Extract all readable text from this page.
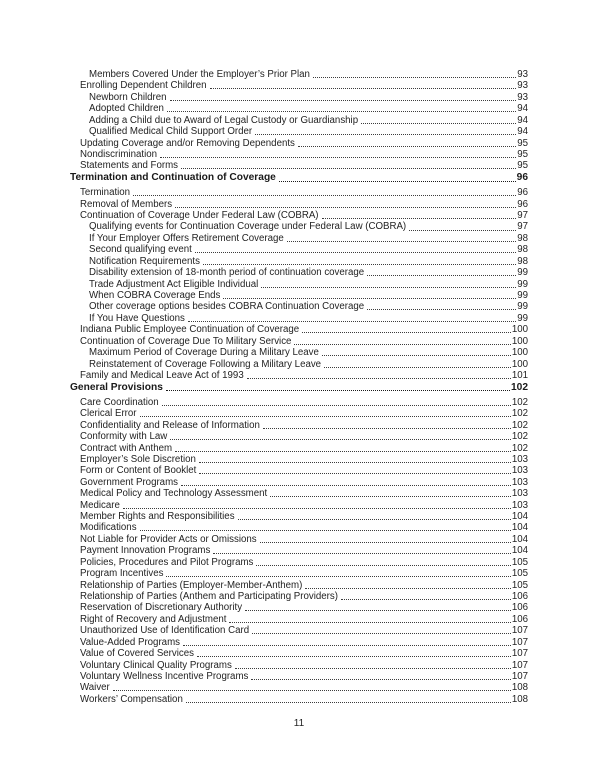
Members Covered Under the Employer’s Prior Plan	93
Enrolling Dependent Children	93
Newborn Children	93
Adopted Children	94
Adding a Child due to Award of Legal Custody or Guardianship	94
Qualified Medical Child Support Order	94
Updating Coverage and/or Removing Dependents	95
Nondiscrimination	95
Statements and Forms	95
Termination and Continuation of Coverage	96
Termination	96
Removal of Members	96
Continuation of Coverage Under Federal Law (COBRA)	97
Qualifying events for Continuation Coverage under Federal Law (COBRA)	97
If Your Employer Offers Retirement Coverage	98
Second qualifying event	98
Notification Requirements	98
Disability extension of 18-month period of continuation coverage	99
Trade Adjustment Act Eligible Individual	99
When COBRA Coverage Ends	99
Other coverage options besides COBRA Continuation Coverage	99
If You Have Questions	99
Indiana Public Employee Continuation of Coverage	100
Continuation of Coverage Due To Military Service	100
Maximum Period of Coverage During a Military Leave	100
Reinstatement of Coverage Following a Military Leave	100
Family and Medical Leave Act of 1993	101
General Provisions	102
Care Coordination	102
Clerical Error	102
Confidentiality and Release of Information	102
Conformity with Law	102
Contract with Anthem	102
Employer’s Sole Discretion	103
Form or Content of Booklet	103
Government Programs	103
Medical Policy and Technology Assessment	103
Medicare	103
Member Rights and Responsibilities	104
Modifications	104
Not Liable for Provider Acts or Omissions	104
Payment Innovation Programs	104
Policies, Procedures and Pilot Programs	105
Program Incentives	105
Relationship of Parties (Employer-Member-Anthem)	105
Relationship of Parties (Anthem and Participating Providers)	106
Reservation of Discretionary Authority	106
Right of Recovery and Adjustment	106
Unauthorized Use of Identification Card	107
Value-Added Programs	107
Value of Covered Services	107
Voluntary Clinical Quality Programs	107
Voluntary Wellness Incentive Programs	107
Waiver	108
Workers’ Compensation	108
11
